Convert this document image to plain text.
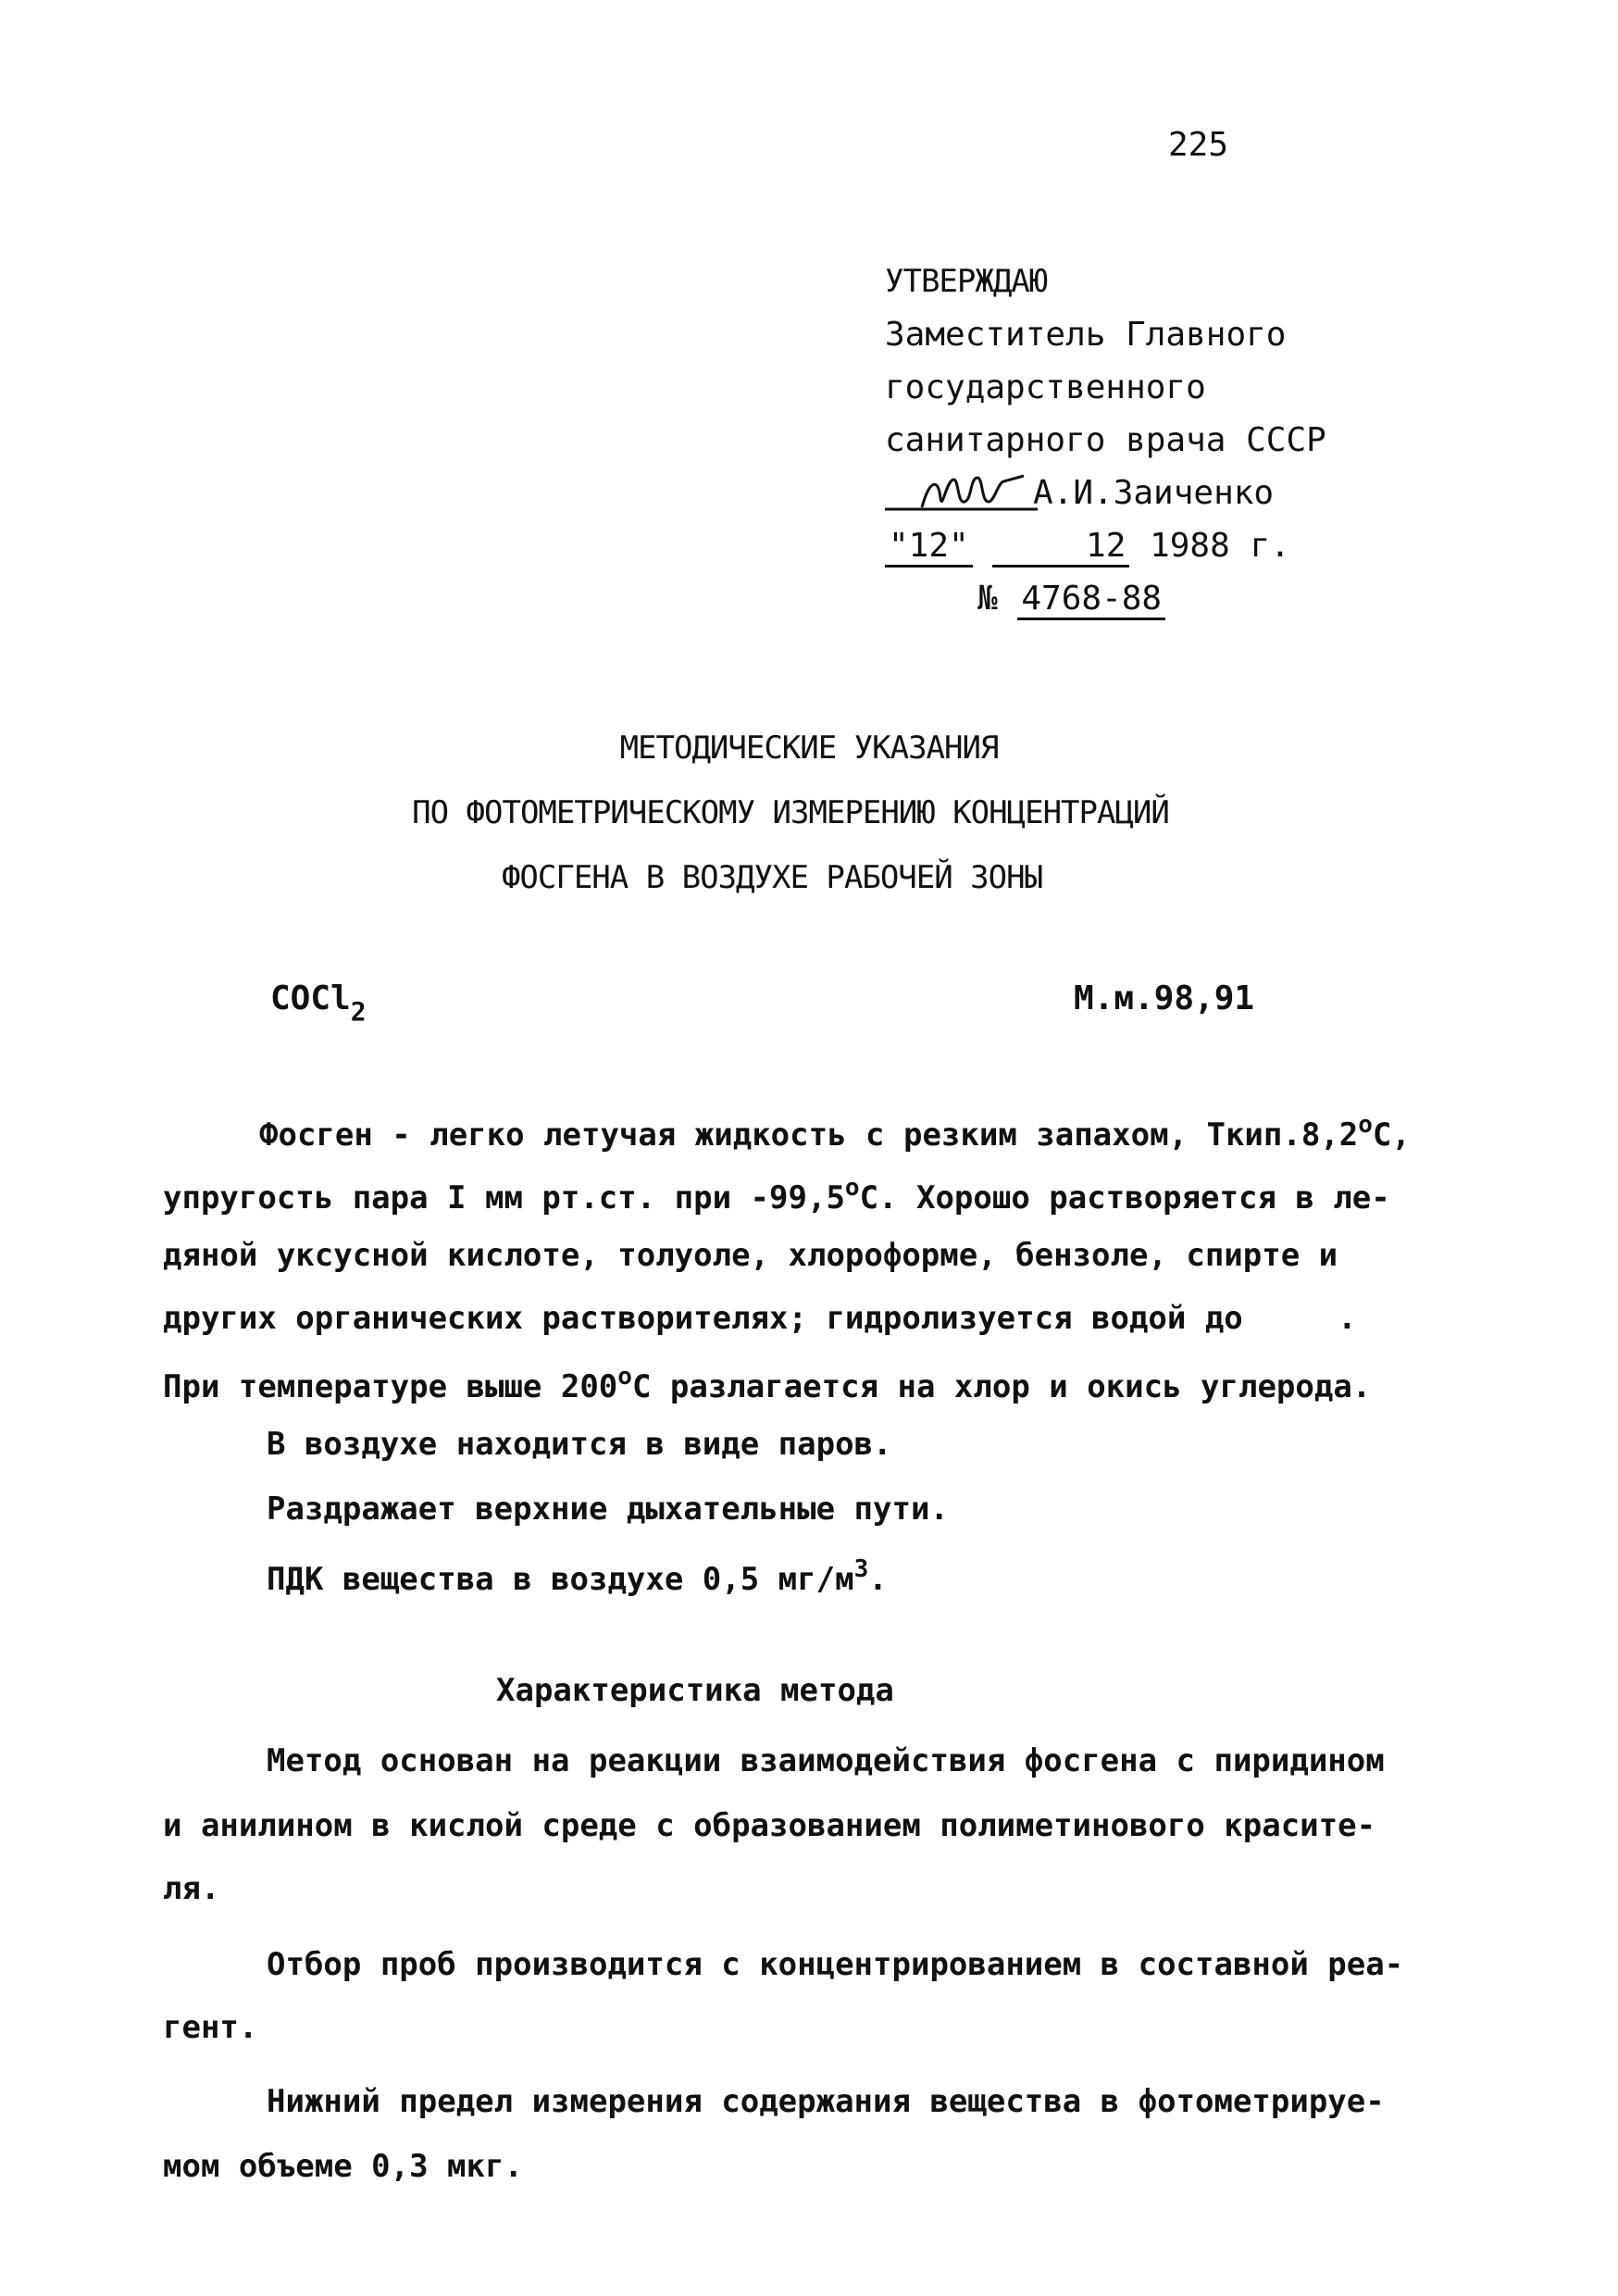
225
УТВЕРЖДАЮ
Заместитель Главного
государственного
санитарного врача СССР
А.И.Заиченко
"12"	12 1988 г.
№ 4768-88
МЕТОДИЧЕСКИЕ УКАЗАНИЯ
ПО ФОТОМЕТРИЧЕСКОМУ ИЗМЕРЕНИЮ КОНЦЕНТРАЦИЙ
ФОСГЕНА В ВОЗДУХЕ РАБОЧЕЙ ЗОНЫ
COCl$_2$	М.м.98,91
Фосген - легко летучая жидкость с резким запахом, Ткип.8,2$^o$С,
упругость пара I мм рт.ст. при -99,5$^o$С. Хорошо растворяется в ле-
дяной уксусной кислоте, толуоле, хлороформе, бензоле, спирте и
других органических растворителях; гидролизуется водой до     .
При температуре выше 200$^o$С разлагается на хлор и окись углерода.
В воздухе находится в виде паров.
Раздражает верхние дыхательные пути.
ПДК вещества в воздухе 0,5 $мг/м^3$.
Характеристика метода
Метод основан на реакции взаимодействия фосгена с пиридином
и анилином в кислой среде с образованием полиметинового красите-
ля.
Отбор проб производится с концентрированием в составной реа-
гент.
Нижний предел измерения содержания вещества в фотометрируе-
мом объеме 0,3 мкг.
